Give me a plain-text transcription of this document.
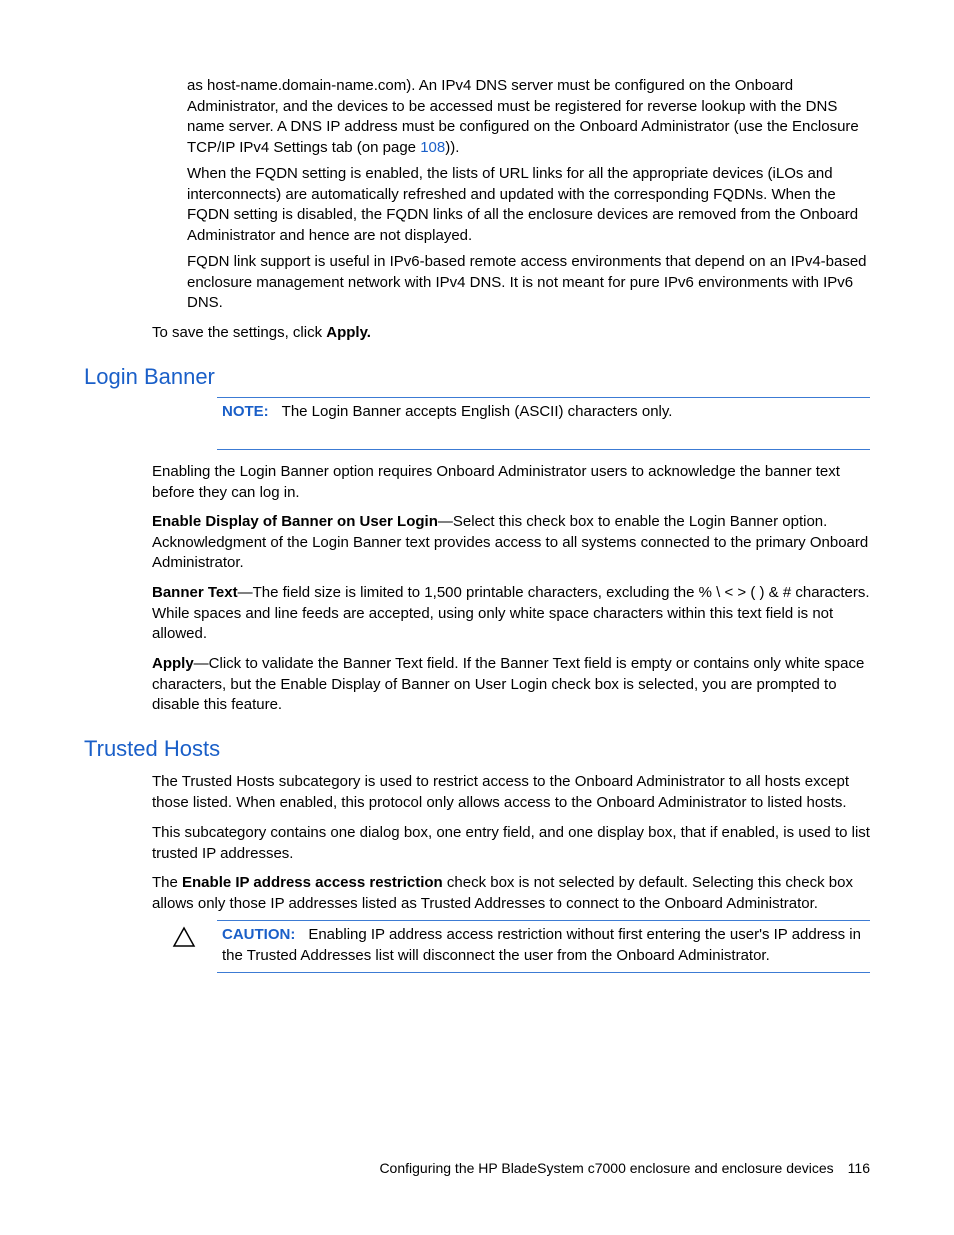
as host-name.domain-name.com). An IPv4 DNS server must be configured on the Onboard Administrator, and the devices to be accessed must be registered for reverse lookup with the DNS name server. A DNS IP address must be configured on the Onboard Administrator (use the Enclosure TCP/IP IPv4 Settings tab (on page 108)).

When the FQDN setting is enabled, the lists of URL links for all the appropriate devices (iLOs and interconnects) are automatically refreshed and updated with the corresponding FQDNs. When the FQDN setting is disabled, the FQDN links of all the enclosure devices are removed from the Onboard Administrator and hence are not displayed.

FQDN link support is useful in IPv6-based remote access environments that depend on an IPv4-based enclosure management network with IPv4 DNS. It is not meant for pure IPv6 environments with IPv6 DNS.

To save the settings, click Apply.

Login Banner

NOTE: The Login Banner accepts English (ASCII) characters only.

Enabling the Login Banner option requires Onboard Administrator users to acknowledge the banner text before they can log in.

Enable Display of Banner on User Login—Select this check box to enable the Login Banner option. Acknowledgment of the Login Banner text provides access to all systems connected to the primary Onboard Administrator.

Banner Text—The field size is limited to 1,500 printable characters, excluding the % \ < > ( ) & # characters. While spaces and line feeds are accepted, using only white space characters within this text field is not allowed.

Apply—Click to validate the Banner Text field. If the Banner Text field is empty or contains only white space characters, but the Enable Display of Banner on User Login check box is selected, you are prompted to disable this feature.

Trusted Hosts

The Trusted Hosts subcategory is used to restrict access to the Onboard Administrator to all hosts except those listed. When enabled, this protocol only allows access to the Onboard Administrator to listed hosts.

This subcategory contains one dialog box, one entry field, and one display box, that if enabled, is used to list trusted IP addresses.

The Enable IP address access restriction check box is not selected by default. Selecting this check box allows only those IP addresses listed as Trusted Addresses to connect to the Onboard Administrator.

CAUTION: Enabling IP address access restriction without first entering the user's IP address in the Trusted Addresses list will disconnect the user from the Onboard Administrator.

Configuring the HP BladeSystem c7000 enclosure and enclosure devices 116
